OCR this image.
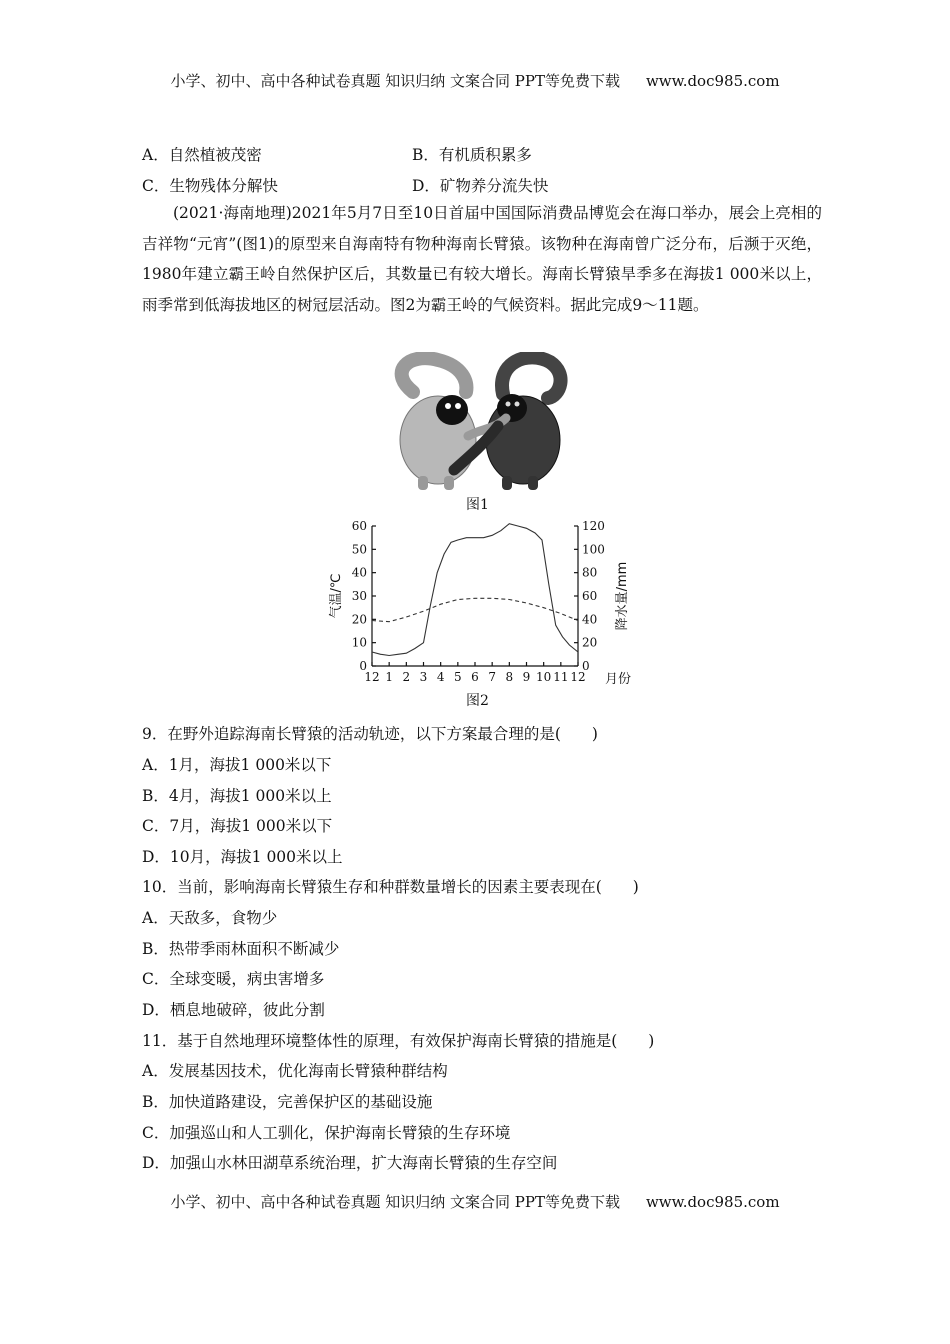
小学、初中、高中各种试卷真题 知识归纳 文案合同 PPT等免费下载 www.doc985.com
A．自然植被茂密	B．有机质积累多
C．生物残体分解快	D．矿物养分流失快
(2021·海南地理)2021年5月7日至10日首届中国国际消费品博览会在海口举办，展会上亮相的吉祥物“元宵”(图1)的原型来自海南特有物种海南长臂猿。该物种在海南曾广泛分布，后濒于灭绝，1980年建立霸王岭自然保护区后，其数量已有较大增长。海南长臂猿旱季多在海拔1 000米以上，雨季常到低海拔地区的树冠层活动。图2为霸王岭的气候资料。据此完成9～11题。
图1
0
10
20
30
40
50
60
0
20
40
60
80
100
120
12 1 2 3 4 5 6 7 8 9 10 11 12
气温/℃	降水量/mm
月份
图2
9．在野外追踪海南长臂猿的活动轨迹，以下方案最合理的是(　　)
A．1月，海拔1 000米以下
B．4月，海拔1 000米以上
C．7月，海拔1 000米以下
D．10月，海拔1 000米以上
10．当前，影响海南长臂猿生存和种群数量增长的因素主要表现在(　　)
A．天敌多，食物少
B．热带季雨林面积不断减少
C．全球变暖，病虫害增多
D．栖息地破碎，彼此分割
11．基于自然地理环境整体性的原理，有效保护海南长臂猿的措施是(　　)
A．发展基因技术，优化海南长臂猿种群结构
B．加快道路建设，完善保护区的基础设施
C．加强巡山和人工驯化，保护海南长臂猿的生存环境
D．加强山水林田湖草系统治理，扩大海南长臂猿的生存空间
小学、初中、高中各种试卷真题 知识归纳 文案合同 PPT等免费下载 www.doc985.com
